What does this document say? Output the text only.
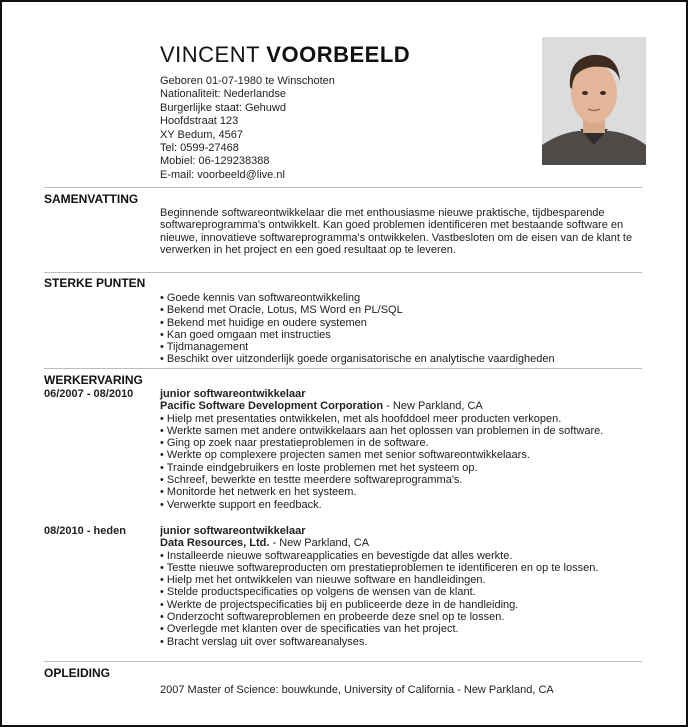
VINCENT VOORBEELD
Geboren 01-07-1980 te Winschoten
Nationaliteit: Nederlandse
Burgerlijke staat: Gehuwd
Hoofdstraat 123
XY Bedum, 4567
Tel: 0599-27468
Mobiel: 06-129238388
E-mail: voorbeeld@live.nl
SAMENVATTING
Beginnende softwareontwikkelaar die met enthousiasme nieuwe praktische, tijdbesparende softwareprogramma's ontwikkelt. Kan goed problemen identificeren met bestaande software en nieuwe, innovatieve softwareprogramma's ontwikkelen. Vastbesloten om de eisen van de klant te verwerken in het project en een goed resultaat op te leveren.
STERKE PUNTEN
• Goede kennis van softwareontwikkeling
• Bekend met Oracle, Lotus, MS Word en PL/SQL
• Bekend met huidige en oudere systemen
• Kan goed omgaan met instructies
• Tijdmanagement
• Beschikt over uitzonderlijk goede organisatorische en analytische vaardigheden
WERKERVARING
06/2007 - 08/2010 junior softwareontwikkelaar
Pacific Software Development Corporation - New Parkland, CA
• Hielp met presentaties ontwikkelen, met als hoofddoel meer producten verkopen.
• Werkte samen met andere ontwikkelaars aan het oplossen van problemen in de software.
• Ging op zoek naar prestatieproblemen in de software.
• Werkte op complexere projecten samen met senior softwareontwikkelaars.
• Trainde eindgebruikers en loste problemen met het systeem op.
• Schreef, bewerkte en testte meerdere softwareprogramma's.
• Monitorde het netwerk en het systeem.
• Verwerkte support en feedback.
08/2010 - heden	junior softwareontwikkelaar
Data Resources, Ltd. - New Parkland, CA
• Installeerde nieuwe softwareapplicaties en bevestigde dat alles werkte.
• Testte nieuwe softwareproducten om prestatieproblemen te identificeren en op te lossen.
• Hielp met het ontwikkelen van nieuwe software en handleidingen.
• Stelde productspecificaties op volgens de wensen van de klant.
• Werkte de projectspecificaties bij en publiceerde deze in de handleiding.
• Onderzocht softwareproblemen en probeerde deze snel op te lossen.
• Overlegde met klanten over de specificaties van het project.
• Bracht verslag uit over softwareanalyses.
OPLEIDING
2007 Master of Science: bouwkunde, University of California - New Parkland, CA
